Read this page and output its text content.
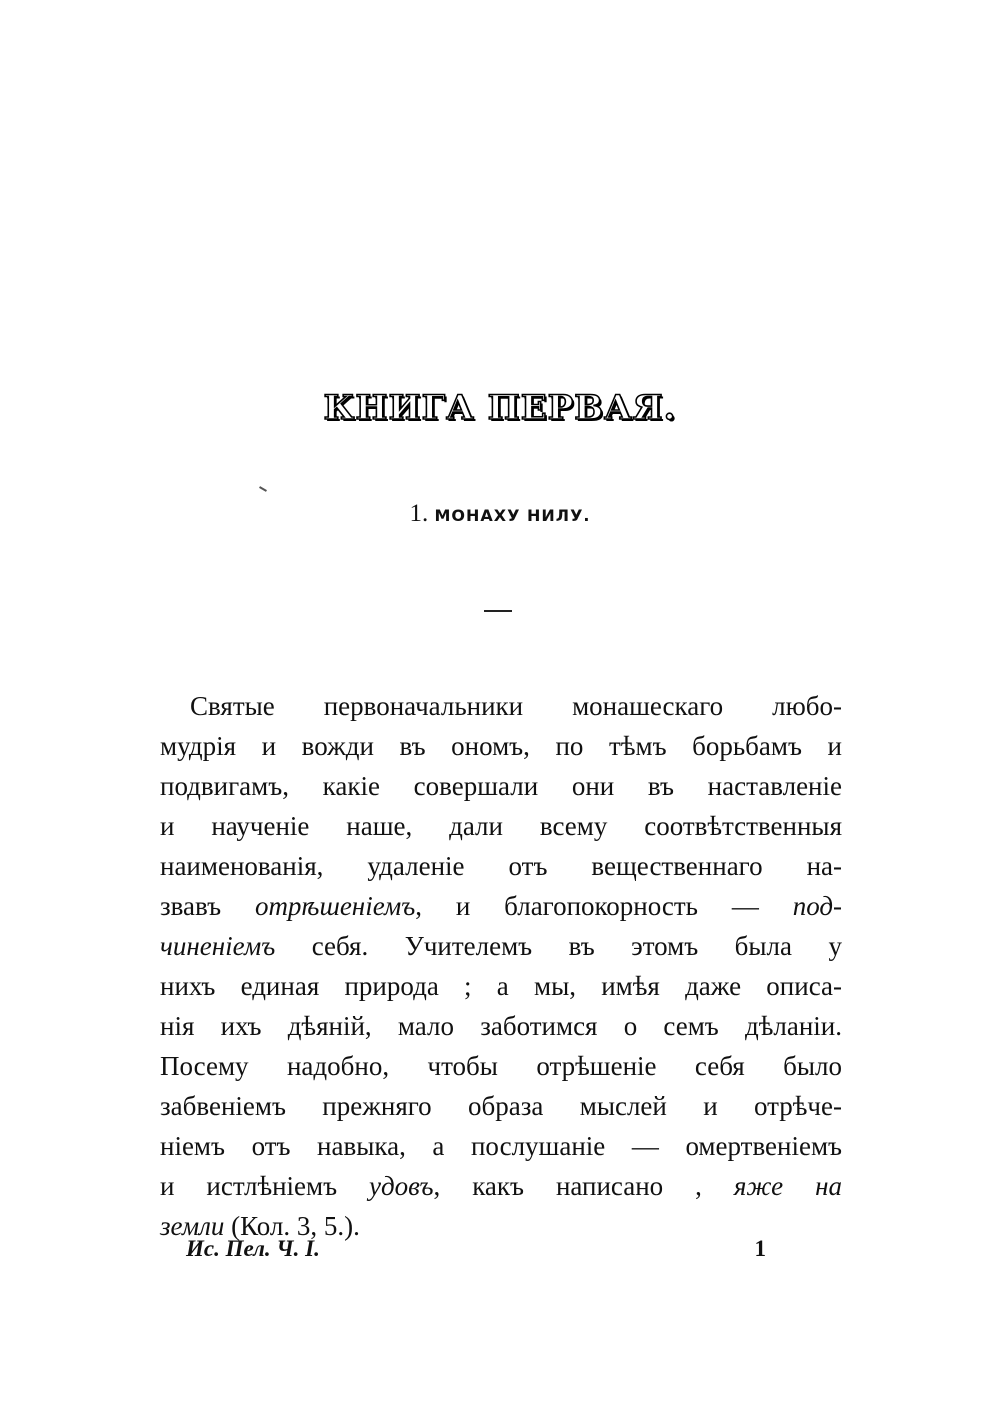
КНИГА ПЕРВАЯ.
1. МОНАХУ НИЛУ.
Святые первоначальники монашескаго любо-
мудрія и вожди въ ономъ, по тѣмъ борьбамъ и
подвигамъ, какіе совершали они въ наставленіе
и наученіе наше, дали всему соотвѣтственныя
наименованія, удаленіе отъ вещественнаго на-
звавъ отрѣшеніемъ, и благопокорность — под-
чиненіемъ себя. Учителемъ въ этомъ была у
нихъ единая природа ; а мы, имѣя даже описа-
нія ихъ дѣяній, мало заботимся о семъ дѣланіи.
Посему надобно, чтобы отрѣшеніе себя было
забвеніемъ прежняго образа мыслей и отрѣче-
ніемъ отъ навыка, а послушаніе — омертвеніемъ
и истлѣніемъ удовъ, какъ написано , яже на
земли (Кол. 3, 5.).
Ис. Пел. Ч. I.	1
